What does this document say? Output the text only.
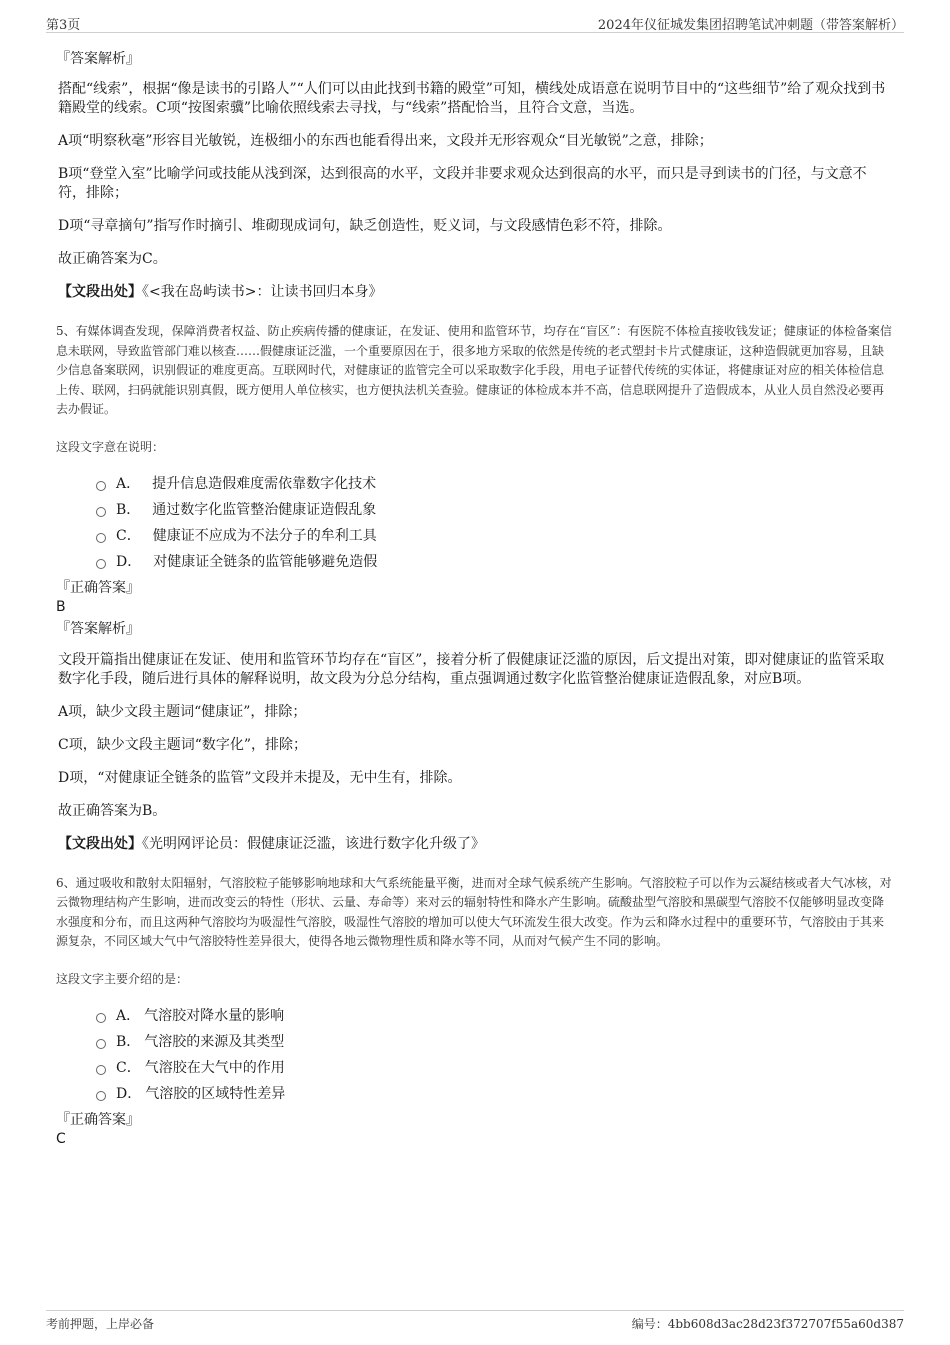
第3页	2024年仪征城发集团招聘笔试冲刺题（带答案解析）
『答案解析』

搭配“线索”，根据“像是读书的引路人”“人们可以由此找到书籍的殿堂”可知，横线处成语意在说明节目中的“这些细节”给了观众找到书籍殿堂的线索。C项“按图索骥”比喻依照线索去寻找，与“线索”搭配恰当，且符合文意，当选。

A项“明察秋毫”形容目光敏锐，连极细小的东西也能看得出来，文段并无形容观众“目光敏锐”之意，排除；

B项“登堂入室”比喻学问或技能从浅到深，达到很高的水平，文段并非要求观众达到很高的水平，而只是寻到读书的门径，与文意不符，排除；

D项“寻章摘句”指写作时摘引、堆砌现成词句，缺乏创造性，贬义词，与文段感情色彩不符，排除。

故正确答案为C。

【文段出处】《<我在岛屿读书>：让读书回归本身》

5、有媒体调查发现，保障消费者权益、防止疾病传播的健康证，在发证、使用和监管环节，均存在“盲区”：有医院不体检直接收钱发证；健康证的体检备案信息未联网，导致监管部门难以核查……假健康证泛滥，一个重要原因在于，很多地方采取的依然是传统的老式塑封卡片式健康证，这种造假就更加容易，且缺少信息备案联网，识别假证的难度更高。互联网时代，对健康证的监管完全可以采取数字化手段，用电子证替代传统的实体证，将健康证对应的相关体检信息上传、联网，扫码就能识别真假，既方便用人单位核实，也方便执法机关查验。健康证的体检成本并不高，信息联网提升了造假成本，从业人员自然没必要再去办假证。

这段文字意在说明：

A． 提升信息造假难度需依靠数字化技术
B． 通过数字化监管整治健康证造假乱象
C． 健康证不应成为不法分子的牟利工具
D． 对健康证全链条的监管能够避免造假

『正确答案』

B

『答案解析』

文段开篇指出健康证在发证、使用和监管环节均存在“盲区”，接着分析了假健康证泛滥的原因，后文提出对策，即对健康证的监管采取数字化手段，随后进行具体的解释说明，故文段为分总分结构，重点强调通过数字化监管整治健康证造假乱象，对应B项。

A项，缺少文段主题词“健康证”，排除；

C项，缺少文段主题词“数字化”，排除；

D项，“对健康证全链条的监管”文段并未提及，无中生有，排除。

故正确答案为B。

【文段出处】《光明网评论员：假健康证泛滥，该进行数字化升级了》

6、通过吸收和散射太阳辐射，气溶胶粒子能够影响地球和大气系统能量平衡，进而对全球气候系统产生影响。气溶胶粒子可以作为云凝结核或者大气冰核，对云微物理结构产生影响，进而改变云的特性（形状、云量、寿命等）来对云的辐射特性和降水产生影响。硫酸盐型气溶胶和黑碳型气溶胶不仅能够明显改变降水强度和分布，而且这两种气溶胶均为吸湿性气溶胶，吸湿性气溶胶的增加可以使大气环流发生很大改变。作为云和降水过程中的重要环节，气溶胶由于其来源复杂，不同区域大气中气溶胶特性差异很大，使得各地云微物理性质和降水等不同，从而对气候产生不同的影响。

这段文字主要介绍的是：

A． 气溶胶对降水量的影响
B． 气溶胶的来源及其类型
C． 气溶胶在大气中的作用
D． 气溶胶的区域特性差异

『正确答案』

C

考前押题，上岸必备	编号：4bb608d3ac28d23f372707f55a60d387
